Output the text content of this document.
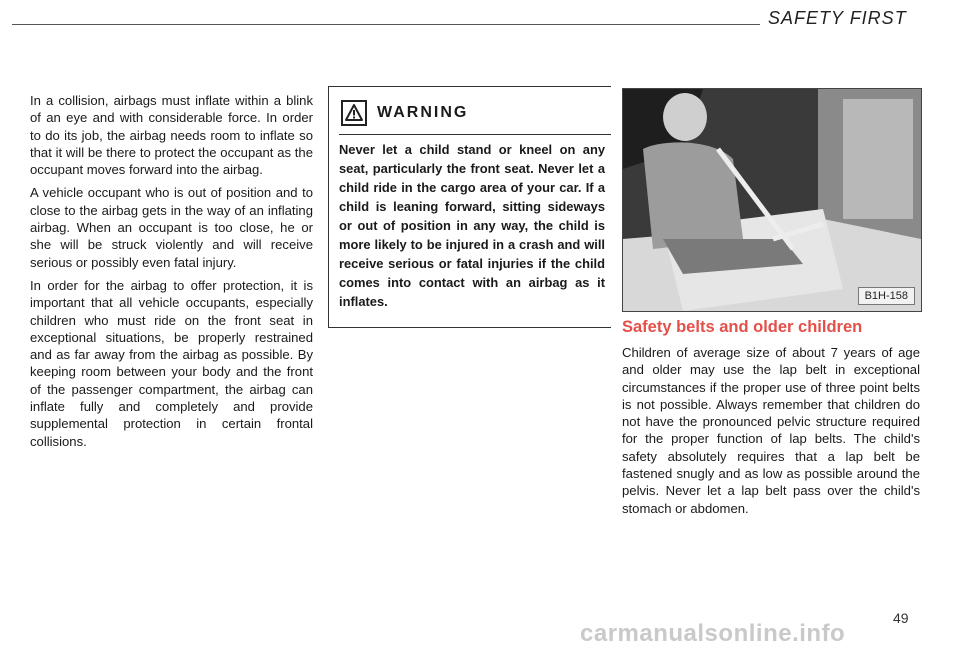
SAFETY FIRST

In a collision, airbags must inflate within a blink of an eye and with considerable force. In order to do its job, the airbag needs room to inflate so that it will be there to protect the occupant as the occupant moves forward into the airbag.

A vehicle occupant who is out of position and to close to the airbag gets in the way of an inflating airbag. When an occupant is too close, he or she will be struck violently and will receive serious or possibly even fatal injury.

In order for the airbag to offer protection, it is important that all vehicle occupants, especially children who must ride on the front seat in exceptional situations, be properly restrained and as far away from the airbag as possible. By keeping room between your body and the front of the passenger compartment, the airbag can inflate fully and completely and provide supplemental protection in certain frontal collisions.

WARNING
Never let a child stand or kneel on any seat, particularly the front seat. Never let a child ride in the cargo area of your car. If a child is leaning forward, sitting sideways or out of position in any way, the child is more likely to be injured in a crash and will receive serious or fatal injuries if the child comes into contact with an airbag as it inflates.	B1H-158
Safety belts and older children

Children of average size of about 7 years of age and older may use the lap belt in exceptional circumstances if the proper use of three point belts is not possible. Always remember that children do not have the pronounced pelvic structure required for the proper function of lap belts. The child's safety absolutely requires that a lap belt be fastened snugly and as low as possible around the pelvis. Never let a lap belt pass over the child's stomach or abdomen.

carmanualsonline.info
49
